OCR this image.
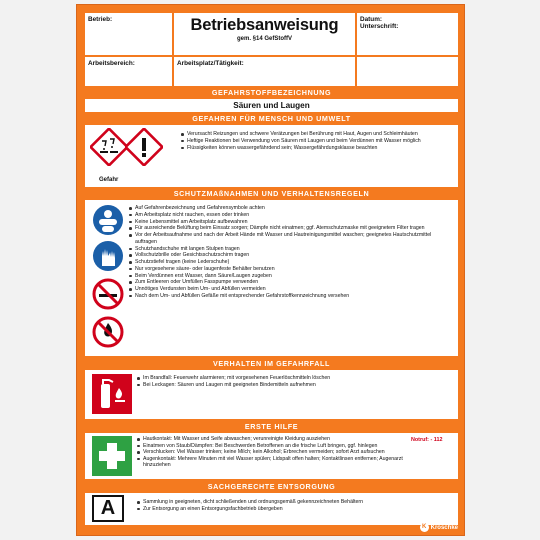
Betrieb:	Betriebsanweisung
gem. §14 GefStoffV
Datum:
Unterschrift:
Arbeitsbereich:	Arbeitsplatz/Tätigkeit:
GEFAHRSTOFFBEZEICHNUNG
Säuren und Laugen
GEFAHREN FÜR MENSCH UND UMWELT
Gefahr
Verursacht Reizungen und schwere Verätzungen bei Berührung mit Haut, Augen und Schleimhäuten
Heftige Reaktionen bei Verwendung von Säuren mit Laugen und beim Verdünnen mit Wasser möglich
Flüssigkeiten können wassergefährdend sein; Wassergefährdungsklasse beachten
SCHUTZMAßNAHMEN UND VERHALTENSREGELN
Auf Gefahrenbezeichnung und Gefahrensymbole achten
Am Arbeitsplatz nicht rauchen, essen oder trinken
Keine Lebensmittel am Arbeitsplatz aufbewahren
Für ausreichende Belüftung beim Einsatz sorgen; Dämpfe nicht einatmen; ggf. Atemschutzmaske mit geeignetem Filter tragen
Vor der Arbeitsaufnahme und nach der Arbeit Hände mit Wasser und Hautreinigungsmittel waschen; geeignetes Hautschutzmittel auftragen
Schutzhandschuhe mit langen Stulpen tragen
Vollschutzbrille oder Gesichtsschutzschirm tragen
Schutzstiefel tragen (keine Lederschuhe)
Nur vorgesehene säure- oder laugenfeste Behälter benutzen
Beim Verdünnen erst Wasser, dann Säure/Laugen zugeben
Zum Entleeren oder Umfüllen Fasspumpe verwenden
Unnötiges Verdunsten beim Um- und Abfüllen vermeiden
Nach dem Um- und Abfüllen Gefäße mit entsprechender Gefahrstoffkennzeichnung versehen
VERHALTEN IM GEFAHRFALL
Im Brandfall: Feuerwehr alarmieren; mit vorgesehenen Feuerlöschmitteln löschen
Bei Leckagen: Säuren und Laugen mit geeigneten Bindemitteln aufnehmen
ERSTE HILFE
Notruf: - 112
Hautkontakt: Mit Wasser und Seife abwaschen; verunreinigte Kleidung ausziehen
Einatmen von Staub/Dämpfen: Bei Beschwerden Betroffenen an die frische Luft bringen, ggf. hinlegen
Verschlucken: Viel Wasser trinken; keine Milch; kein Alkohol; Erbrechen vermeiden; sofort Arzt aufsuchen
Augenkontakt: Mehrere Minuten mit viel Wasser spülen; Lidspalt offen halten; Kontaktlinsen entfernen; Augenarzt hinzuziehen
SACHGERECHTE ENTSORGUNG
A	Sammlung in geeigneten, dicht schließenden und ordnungsgemäß gekennzeichneten Behältern
Zur Entsorgung an einen Entsorgungsfachbetrieb übergeben
K Kroschke
